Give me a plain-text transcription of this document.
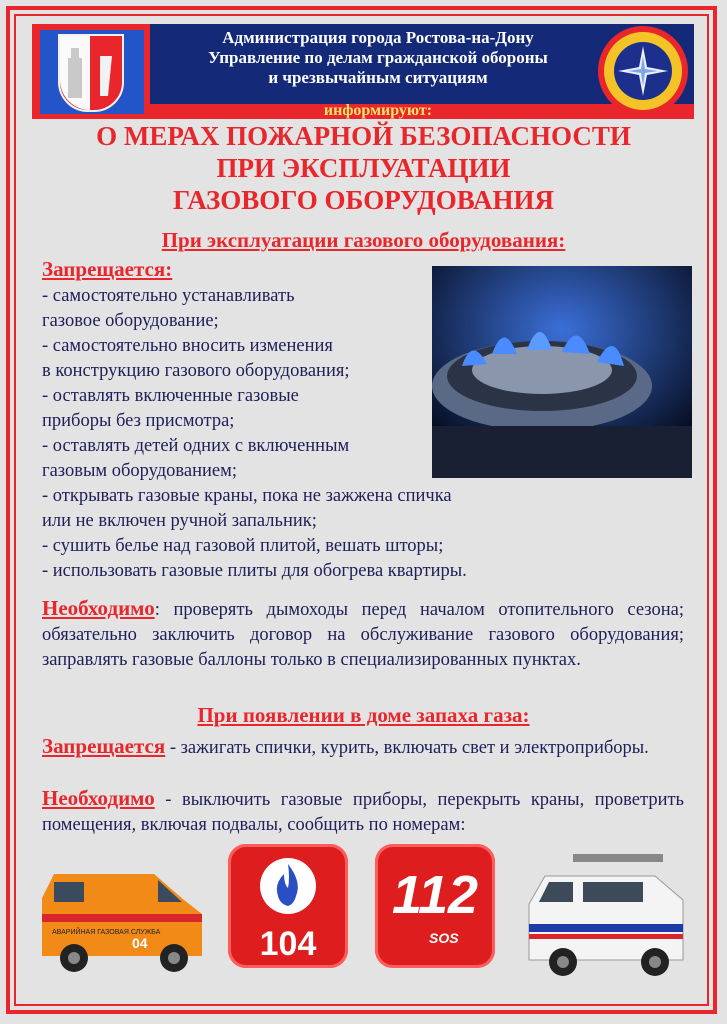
Администрация города Ростова-на-Дону
Управление по делам гражданской обороны
и чрезвычайным ситуациям
информируют:
О МЕРАХ ПОЖАРНОЙ БЕЗОПАСНОСТИ
ПРИ ЭКСПЛУАТАЦИИ
ГАЗОВОГО ОБОРУДОВАНИЯ
При эксплуатации газового оборудования:
Запрещается:
- самостоятельно устанавливать
газовое оборудование;
- самостоятельно вносить изменения
в конструкцию газового оборудования;
- оставлять включенные газовые
приборы без присмотра;
- оставлять детей одних с включенным
газовым оборудованием;
- открывать газовые краны, пока не зажжена спичка
или не включен ручной запальник;
- сушить белье над газовой плитой, вешать шторы;
- использовать газовые плиты для обогрева квартиры.
Необходимо: проверять дымоходы перед началом отопительного сезона; обязательно заключить договор на обслуживание газового оборудования; заправлять газовые баллоны только в специализированных пунктах.
При появлении в доме запаха газа:
Запрещается - зажигать спички, курить, включать свет и электроприборы.
Необходимо - выключить газовые приборы, перекрыть краны, проветрить помещения, включая подвалы, сообщить по номерам:
АВАРИЙНАЯ ГАЗОВАЯ СЛУЖБА
04	104
112
SOS
